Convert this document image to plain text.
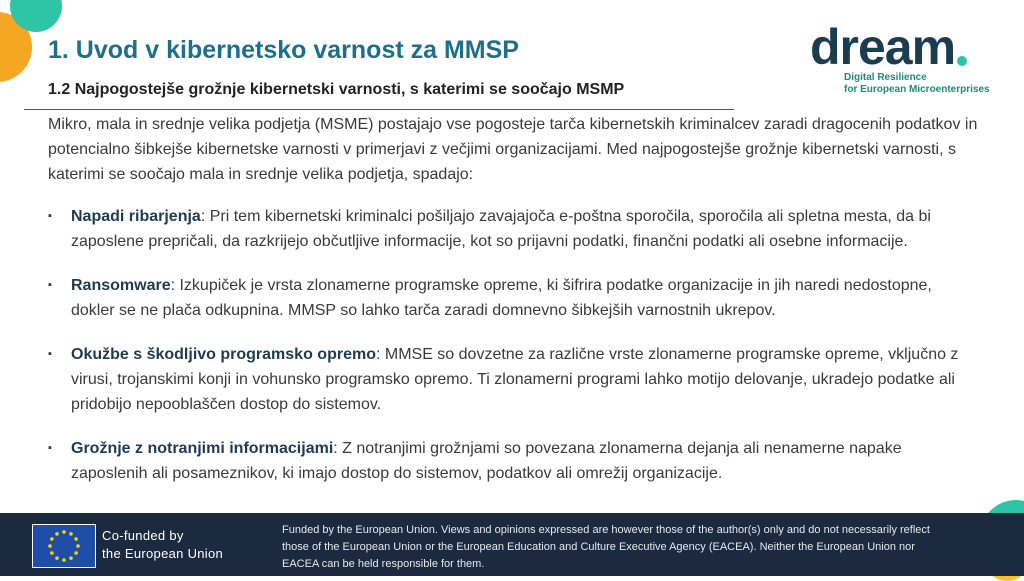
1. Uvod v kibernetsko varnost za MMSP
1.2 Najpogostejše grožnje kibernetski varnosti, s katerimi se soočajo MSMP
dream
Digital Resilience
for European Microenterprises
Mikro, mala in srednje velika podjetja (MSME) postajajo vse pogosteje tarča kibernetskih kriminalcev zaradi dragocenih podatkov in potencialno šibkejše kibernetske varnosti v primerjavi z večjimi organizacijami. Med najpogostejše grožnje kibernetski varnosti, s katerimi se soočajo mala in srednje velika podjetja, spadajo:
▪ Napadi ribarjenja: Pri tem kibernetski kriminalci pošiljajo zavajajoča e-poštna sporočila, sporočila ali spletna mesta, da bi zaposlene prepričali, da razkrijejo občutljive informacije, kot so prijavni podatki, finančni podatki ali osebne informacije.
▪ Ransomware: Izkupiček je vrsta zlonamerne programske opreme, ki šifrira podatke organizacije in jih naredi nedostopne, dokler se ne plača odkupnina. MMSP so lahko tarča zaradi domnevno šibkejših varnostnih ukrepov.
▪ Okužbe s škodljivo programsko opremo: MMSE so dovzetne za različne vrste zlonamerne programske opreme, vključno z virusi, trojanskimi konji in vohunsko programsko opremo. Ti zlonamerni programi lahko motijo delovanje, ukradejo podatke ali pridobijo nepooblaščen dostop do sistemov.
▪ Grožnje z notranjimi informacijami: Z notranjimi grožnjami so povezana zlonamerna dejanja ali nenamerne napake zaposlenih ali posameznikov, ki imajo dostop do sistemov, podatkov ali omrežij organizacije.
Co-funded by
the European Union
Funded by the European Union. Views and opinions expressed are however those of the author(s) only and do not necessarily reflect those of the European Union or the European Education and Culture Executive Agency (EACEA). Neither the European Union nor EACEA can be held responsible for them.
